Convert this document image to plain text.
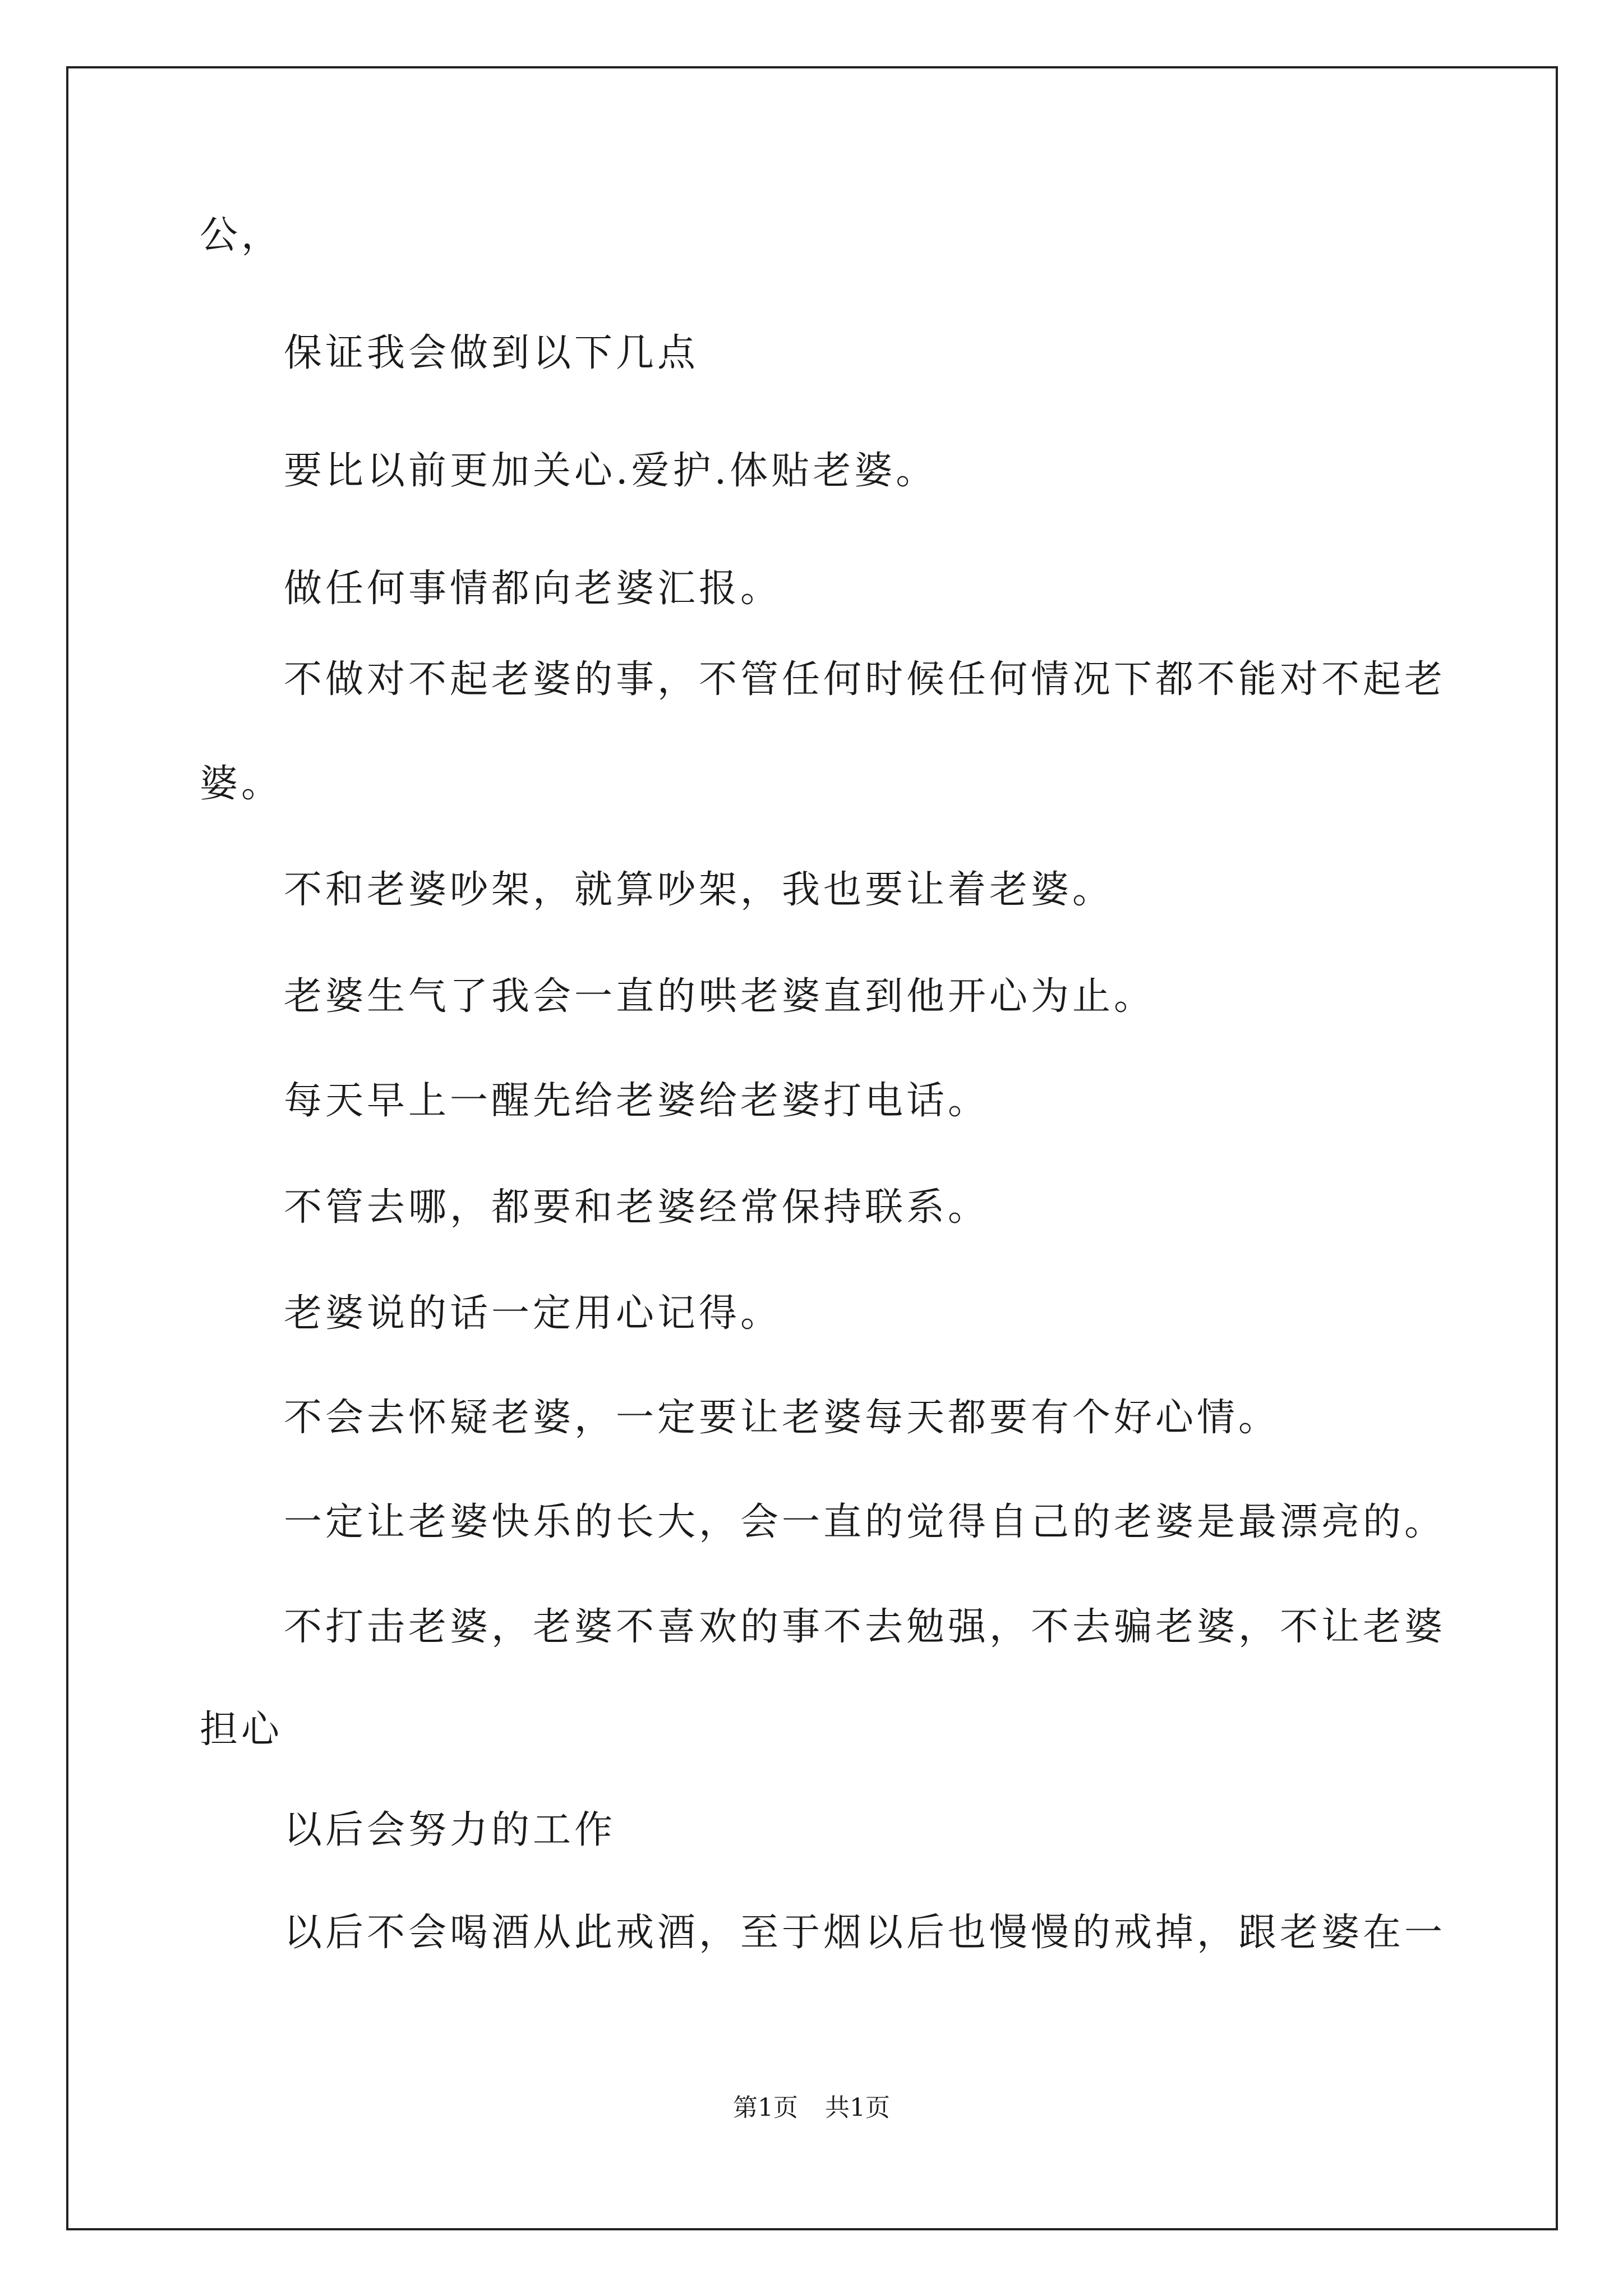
公，

保证我会做到以下几点

要比以前更加关心.爱护.体贴老婆。

做任何事情都向老婆汇报。

不做对不起老婆的事，不管任何时候任何情况下都不能对不起老

婆。

不和老婆吵架，就算吵架，我也要让着老婆。

老婆生气了我会一直的哄老婆直到他开心为止。

每天早上一醒先给老婆给老婆打电话。

不管去哪，都要和老婆经常保持联系。

老婆说的话一定用心记得。

不会去怀疑老婆，一定要让老婆每天都要有个好心情。

一定让老婆快乐的长大，会一直的觉得自己的老婆是最漂亮的。

不打击老婆，老婆不喜欢的事不去勉强，不去骗老婆，不让老婆

担心

以后会努力的工作

以后不会喝酒从此戒酒，至于烟以后也慢慢的戒掉，跟老婆在一

第1页 共1页
